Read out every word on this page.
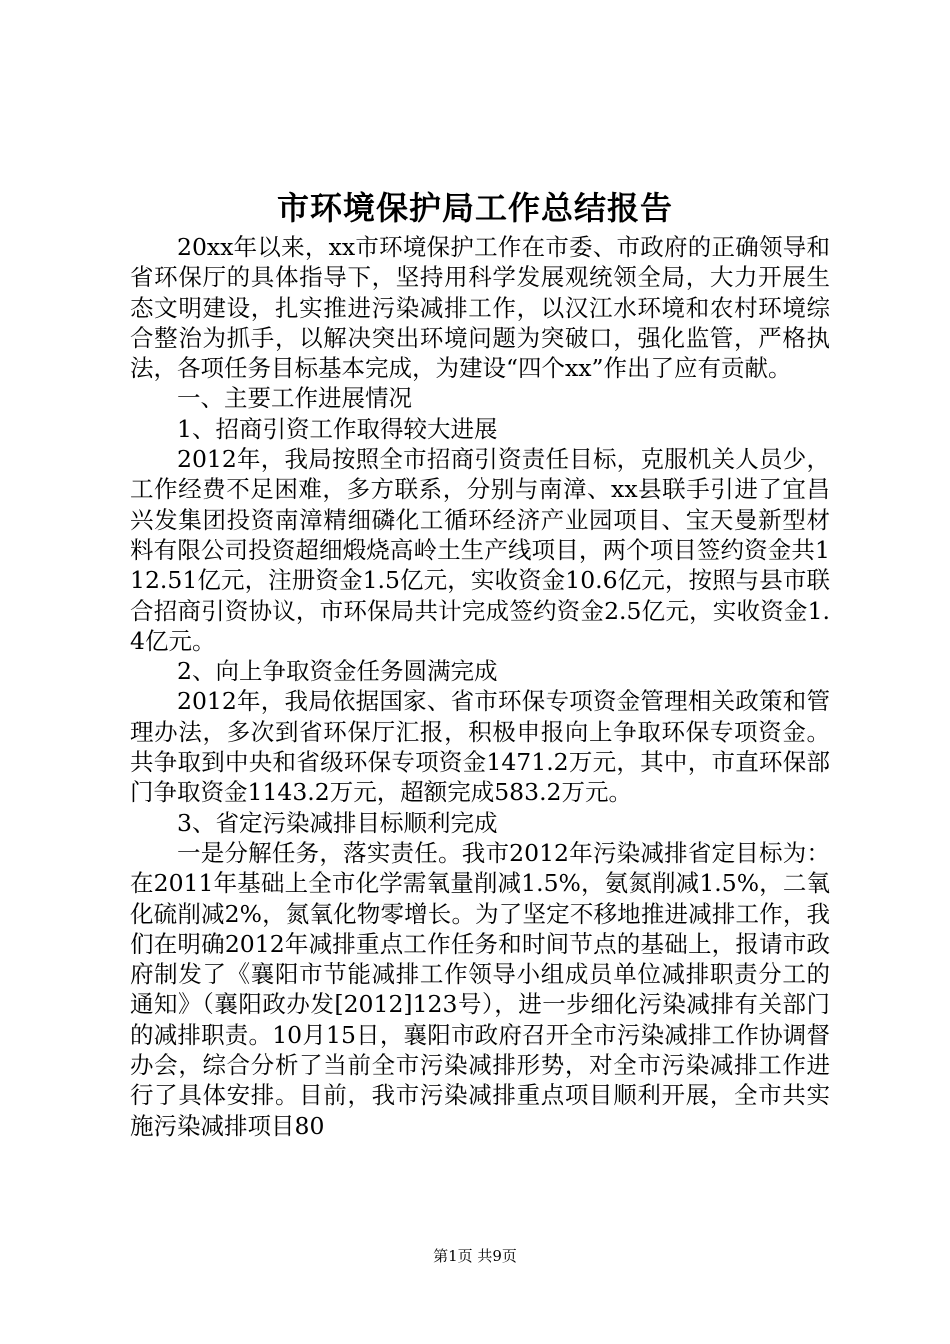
市环境保护局工作总结报告

20xx年以来，xx市环境保护工作在市委、市政府的正确领导和省环保厅的具体指导下，坚持用科学发展观统领全局，大力开展生态文明建设，扎实推进污染减排工作，以汉江水环境和农村环境综合整治为抓手，以解决突出环境问题为突破口，强化监管，严格执法，各项任务目标基本完成，为建设“四个xx”作出了应有贡献。

一、主要工作进展情况

1、招商引资工作取得较大进展

2012年，我局按照全市招商引资责任目标，克服机关人员少，工作经费不足困难，多方联系，分别与南漳、xx县联手引进了宜昌兴发集团投资南漳精细磷化工循环经济产业园项目、宝天曼新型材料有限公司投资超细煅烧高岭土生产线项目，两个项目签约资金共112.51亿元，注册资金1.5亿元，实收资金10.6亿元，按照与县市联合招商引资协议，市环保局共计完成签约资金2.5亿元，实收资金1.4亿元。

2、向上争取资金任务圆满完成

2012年，我局依据国家、省市环保专项资金管理相关政策和管理办法，多次到省环保厅汇报，积极申报向上争取环保专项资金。共争取到中央和省级环保专项资金1471.2万元，其中，市直环保部门争取资金1143.2万元，超额完成583.2万元。

3、省定污染减排目标顺利完成

一是分解任务，落实责任。我市2012年污染减排省定目标为：在2011年基础上全市化学需氧量削减1.5%，氨氮削减1.5%，二氧化硫削减2%，氮氧化物零增长。为了坚定不移地推进减排工作，我们在明确2012年减排重点工作任务和时间节点的基础上，报请市政府制发了《襄阳市节能减排工作领导小组成员单位减排职责分工的通知》（襄阳政办发[2012]123号），进一步细化污染减排有关部门的减排职责。10月15日，襄阳市政府召开全市污染减排工作协调督办会，综合分析了当前全市污染减排形势，对全市污染减排工作进行了具体安排。目前，我市污染减排重点项目顺利开展，全市共实施污染减排项目80

第1页 共9页
